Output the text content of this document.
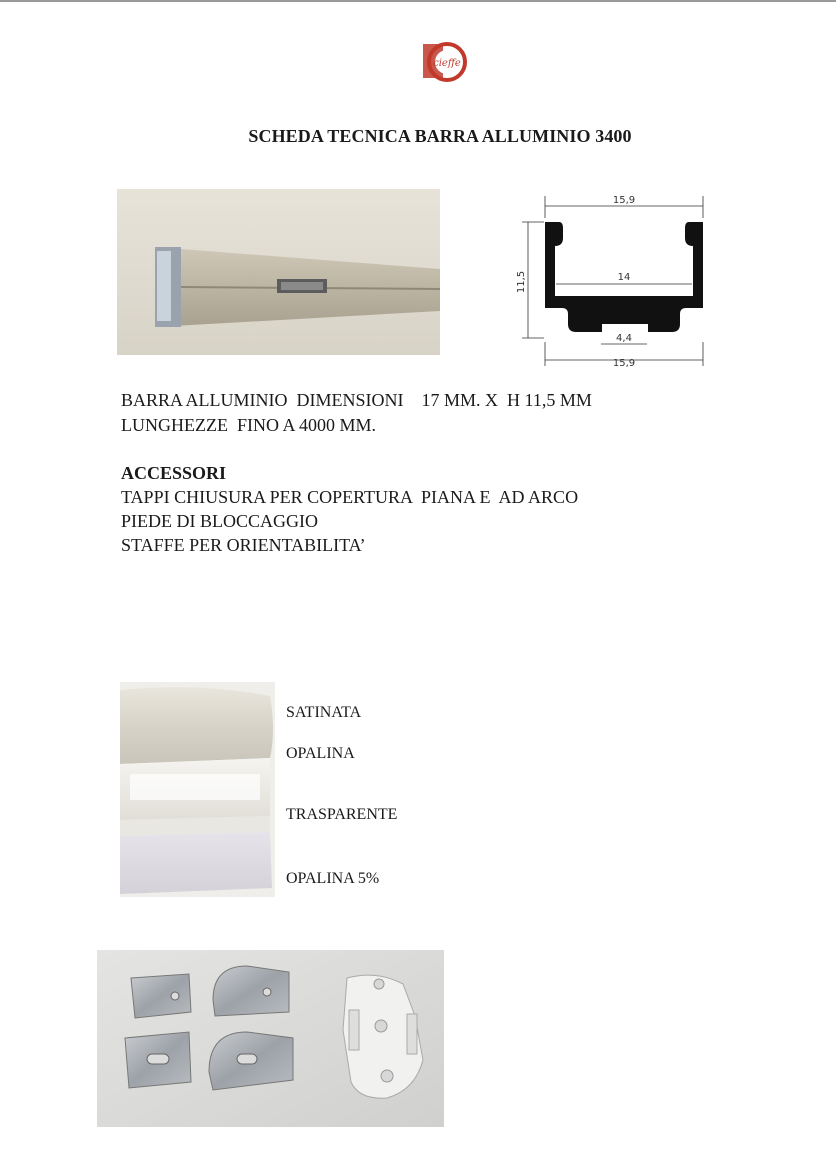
cieffe
SCHEDA TECNICA BARRA ALLUMINIO 3400
15,9
11,5	14
4,4
15,9
BARRA ALLUMINIO  DIMENSIONI    17 MM. X  H 11,5 MM
LUNGHEZZE  FINO A 4000 MM.
ACCESSORI
TAPPI CHIUSURA PER COPERTURA  PIANA E  AD ARCO
PIEDE DI BLOCCAGGIO
STAFFE PER ORIENTABILITA’
SATINATA
OPALINA
TRASPARENTE
OPALINA 5%
